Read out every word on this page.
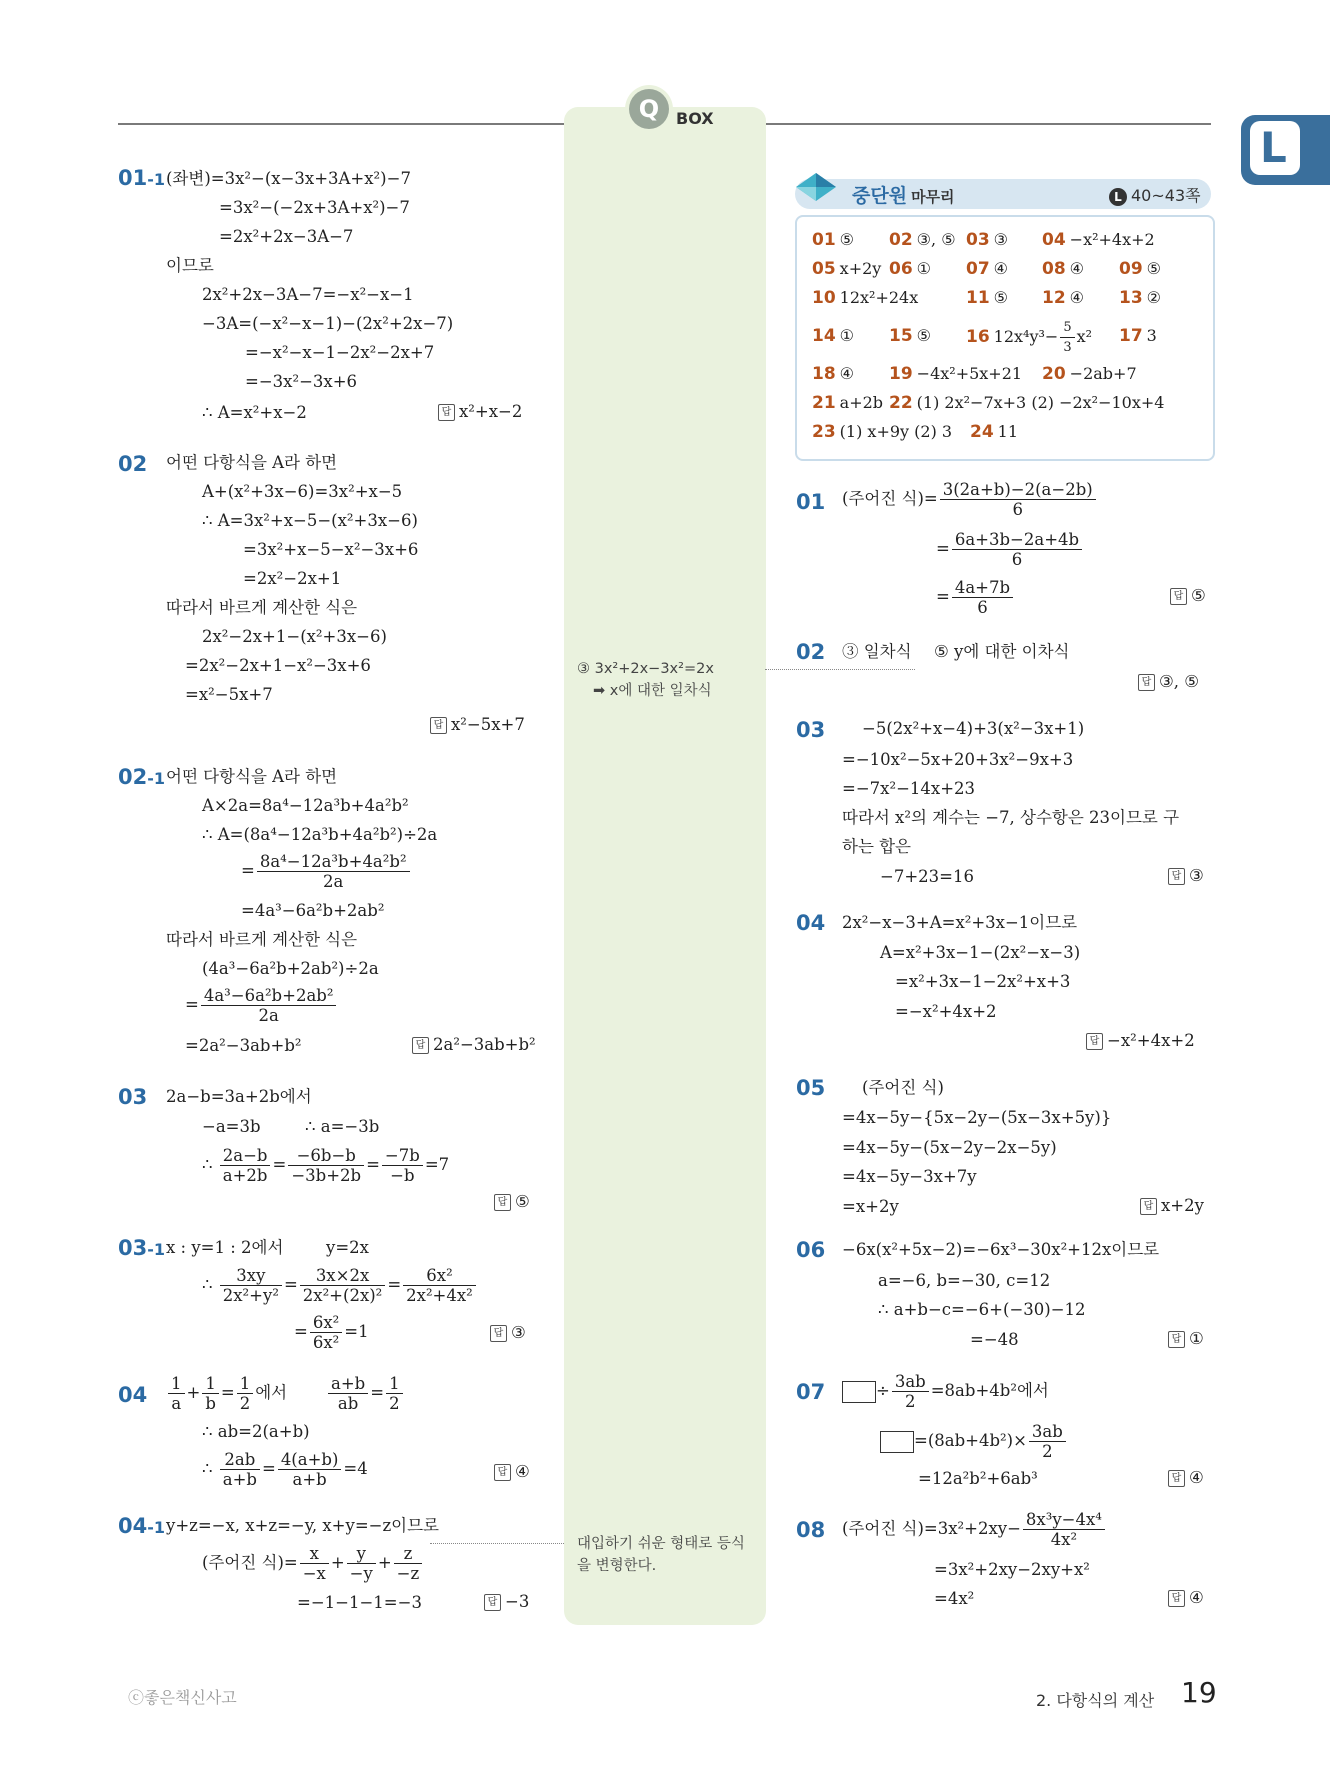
Q	BOX
L
01-1 (좌변)=3x²−(x−3x+3A+x²)−7
=3x²−(−2x+3A+x²)−7
=2x²+2x−3A−7
이므로
2x²+2x−3A−7=−x²−x−1
−3A=(−x²−x−1)−(2x²+2x−7)
=−x²−x−1−2x²−2x+7
=−3x²−3x+6
∴ A=x²+x−2	답 x²+x−2
02 어떤 다항식을 A라 하면
A+(x²+3x−6)=3x²+x−5
∴ A=3x²+x−5−(x²+3x−6)
=3x²+x−5−x²−3x+6
=2x²−2x+1
따라서 바르게 계산한 식은
2x²−2x+1−(x²+3x−6)
=2x²−2x+1−x²−3x+6
=x²−5x+7
답 x²−5x+7
02-1 어떤 다항식을 A라 하면
A×2a=8a⁴−12a³b+4a²b²
∴ A=(8a⁴−12a³b+4a²b²)÷2a
= $\frac{\text{8a⁴−12a³b+4a²b²}}{2a}$
=4a³−6a²b+2ab²
따라서 바르게 계산한 식은
(4a³−6a²b+2ab²)÷2a
= $\frac{\text{4a³−6a²b+2ab²}}{2a}$
=2a²−3ab+b²	답 2a²−3ab+b²
03 2a−b=3a+2b에서
−a=3b	∴ a=−3b
∴ $\frac{2a-b}{a+2b} = \frac{-6b-b}{-3b+2b} = \frac{-7b}{-b} =7$
답 ⑤
03-1 x : y=1 : 2에서	y=2x
∴ $\frac{3xy}{\text{2x²+y²}} = \frac{3x\times 2x}{\text{2x²+(2x)²}} = \frac{\text{6x²}}{\text{2x²+4x²}}$
= $\frac{\text{6x²}}{\text{6x²}} =1$	답 ③
$04 \frac{1}{a} + \frac{1}{b} = \frac{1}{2}$ 에서 $\frac{a+b}{ab} = \frac{1}{2}$
∴ ab=2(a+b)
∴ $\frac{2ab}{a+b} = \frac{4(a+b)}{a+b} =4$	답 ④
04-1 y+z=−x, x+z=−y, x+y=−z이므로
(주어진 식)= $\frac{x}{-x} + \frac{y}{-y} + \frac{z}{-z}$
=−1−1−1=−3	답 −3
③ 3x²+2x−3x²=2x
➡ x에 대한 일차식
대입하기 쉬운 형태로 등식
을 변형한다.
중단원 마무리	L 40~43쪽
01 ⑤ 02 ③, ⑤ 03 ③ 04 −x²+4x+2
05 x+2y 06 ① 07 ④ 08 ④ 09 ⑤
10 12x²+24x	11 ⑤ 12 ④ 13 ②
14 ① 15 ⑤ 16 $12x^4y^3- \frac{5}{3} x^2$ 17 3
18 ④ 19 −4x²+5x+21 20 −2ab+7
21 a+2b 22 (1) 2x²−7x+3 (2) −2x²−10x+4
23 (1) x+9y (2) 3 24 11
01 (주어진 식)= $\frac{3(2a+b)-2(a-2b)}{6}$
= $\frac{6a+3b-2a+4b}{6}$
= $\frac{4a+7b}{6}$	답 ⑤
02 ③ 일차식 ⑤ y에 대한 이차식
답 ③, ⑤
03 −5(2x²+x−4)+3(x²−3x+1)
=−10x²−5x+20+3x²−9x+3
=−7x²−14x+23
따라서 x²의 계수는 −7, 상수항은 23이므로 구
하는 합은
−7+23=16	답 ③
04 2x²−x−3+A=x²+3x−1이므로
A=x²+3x−1−(2x²−x−3)
=x²+3x−1−2x²+x+3
=−x²+4x+2
답 −x²+4x+2
05 (주어진 식)
=4x−5y−{5x−2y−(5x−3x+5y)}
=4x−5y−(5x−2y−2x−5y)
=4x−5y−3x+7y
=x+2y	답 x+2y
06 −6x(x²+5x−2)=−6x³−30x²+12x이므로
a=−6, b=−30, c=12
∴ a+b−c=−6+(−30)−12
=−48	답 ①
07	÷ $\frac{3ab}{2} =8ab+4b^2$에서
$=(8ab+4b^2)\times \frac{3ab}{2}$
=12a²b²+6ab³	답 ④
08 (주어진 식)$=3x^2+2xy- \frac{\text{8x³y−4x⁴}}{\text{4x²}}$
=3x²+2xy−2xy+x²
=4x²	답 ④
ⓒ좋은책신사고	2. 다항식의 계산 19
